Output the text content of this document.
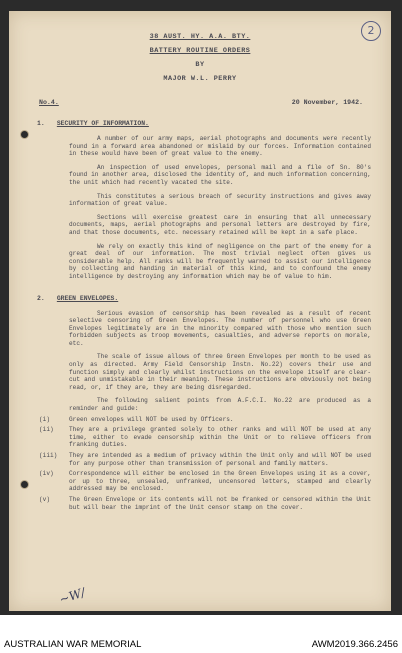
2
38 AUST. HY. A.A. BTY.
BATTERY ROUTINE ORDERS
BY
MAJOR W.L. PERRY
No.4.	20 November, 1942.
1. SECURITY OF INFORMATION.
A number of our army maps, aerial photographs and documents were recently found in a forward area abandoned or mislaid by our forces. Information contained in these would have been of great value to the enemy.
An inspection of used envelopes, personal mail and a file of Sn. 80's found in another area, disclosed the identity of, and much information concerning, the unit which had recently vacated the site.
This constitutes a serious breach of security instructions and gives away information of great value.
Sections will exercise greatest care in ensuring that all unnecessary documents, maps, aerial photographs and personal letters are destroyed by fire, and that those documents, etc. necessary retained will be kept in a safe place.
We rely on exactly this kind of negligence on the part of the enemy for a great deal of our information. The most trivial neglect often gives us considerable help. All ranks will be frequently warned to assist our intelligence by collecting and handing in material of this kind, and to confound the enemy intelligence by destroying any information which may be of value to him.
2. GREEN ENVELOPES.
Serious evasion of censorship has been revealed as a result of recent selective censoring of Green Envelopes. The number of personnel who use Green Envelopes legitimately are in the minority compared with those who mention such forbidden subjects as troop movements, casualties, and adverse reports on morale, etc.
The scale of issue allows of three Green Envelopes per month to be used as only as directed. Army Field Censorship Instn. No.22) covers their use and function simply and clearly whilst instructions on the envelope itself are clear-cut and unmistakable in their meaning. These instructions are obviously not being read, or, if they are, they are being disregarded.
The following salient points from A.F.C.I. No.22 are produced as a reminder and guide:
(i)	Green envelopes will NOT be used by Officers.
(ii)	They are a privilege granted solely to other ranks and will NOT be used at any time, either to evade censorship within the Unit or to relieve officers from franking duties.
(iii)	They are intended as a medium of privacy within the Unit only and will NOT be used for any purpose other than transmission of personal and family matters.
(iv)	Correspondence will either be enclosed in the Green Envelopes using it as a cover, or up to three, unsealed, unfranked, uncensored letters, stamped and clearly addressed may be enclosed.
(v)	The Green Envelope or its contents will not be franked or censored within the Unit but will bear the imprint of the Unit censor stamp on the cover.
~Ԝ/
AUSTRALIAN WAR MEMORIAL	AWM2019.366.2456
